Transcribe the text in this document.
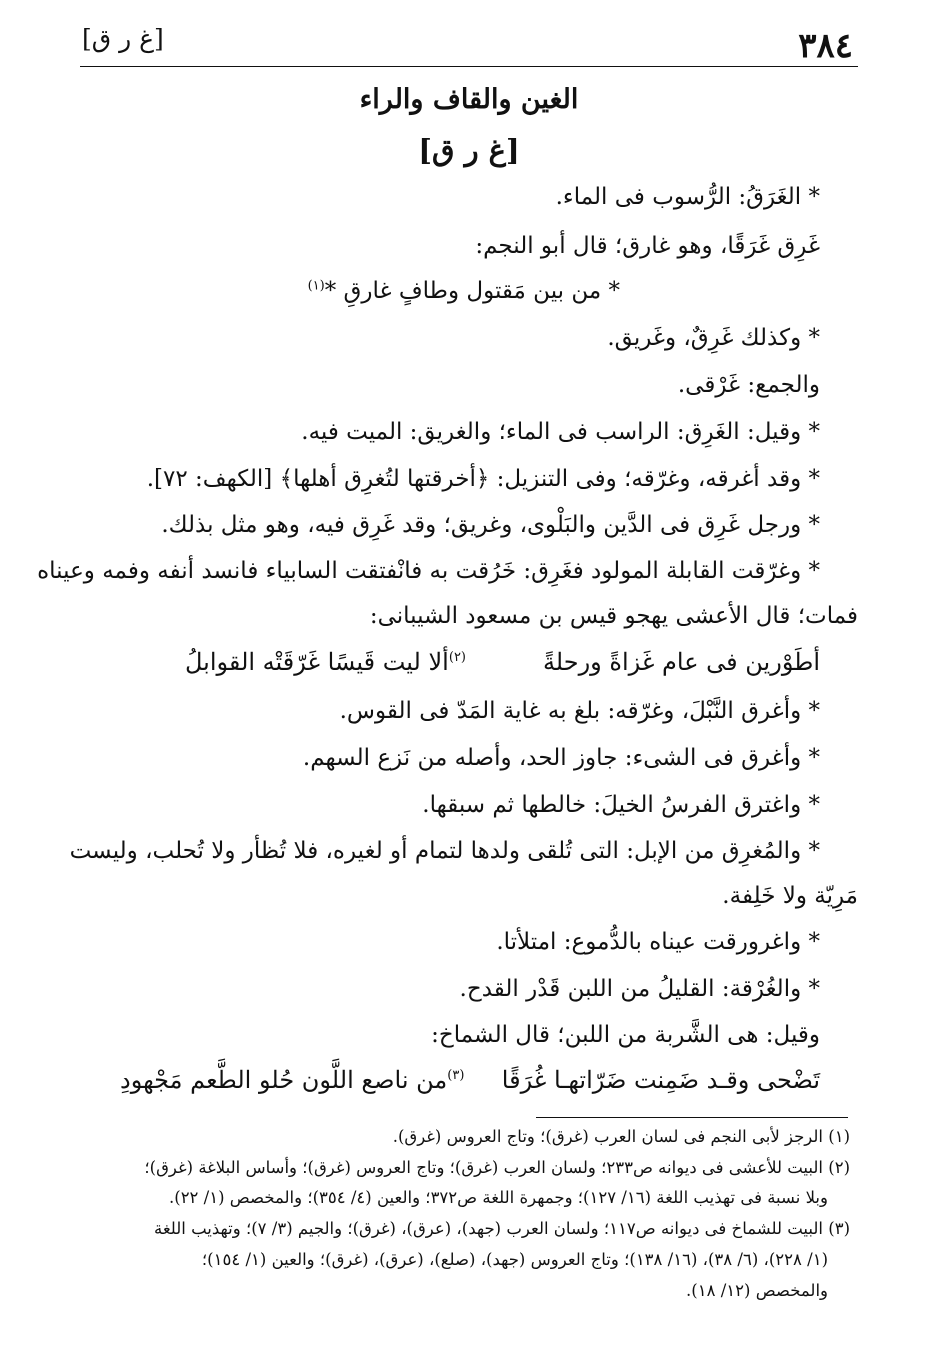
٣٨٤
[غ ر ق]
الغين والقاف والراء
[غ ر ق]
* الغَرَقُ: الرُّسوب فى الماء.
غَرِق غَرَقًا، وهو غارق؛ قال أبو النجم:
* من بين مَقتول وطافٍ غارقِ *$^{(١)}$
* وكذلك غَرِقٌ، وغَريق.
والجمع: غَرْقى.
* وقيل: الغَرِق: الراسب فى الماء؛ والغريق: الميت فيه.
* وقد أغرقه، وغرّقه؛ وفى التنزيل: ﴿أخرقتها لتُغرِق أهلها﴾ [الكهف: ٧٢].
* ورجل غَرِق فى الدَّين والبَلْوى، وغريق؛ وقد غَرِق فيه، وهو مثل بذلك.
* وغرّقت القابلة المولود فغَرِق: خَرُقت به فانْفتقت السابياء فانسد أنفه وفمه وعيناه
فمات؛ قال الأعشى يهجو قيس بن مسعود الشيبانى:
أطَوْرين فى عام غَزاةً ورحلةً
$^{(٢)}$ألا ليت قَيسًا غَرّقَتْه القوابلُ
* وأغرق النَّبْلَ، وغرّقه: بلغ به غاية المَدّ فى القوس.
* وأغرق فى الشىء: جاوز الحد، وأصله من نَزع السهم.
* واغترق الفرسُ الخيلَ: خالطها ثم سبقها.
* والمُغرِق من الإبل: التى تُلقى ولدها لتمام أو لغيره، فلا تُظأر ولا تُحلب، وليست
مَرِيّة ولا خَلِفة.
* واغرورقت عيناه بالدُّموع: امتلأتا.
* والغُرْقة: القليلُ من اللبن قَدْر القدح.
وقيل: هى الشَّربة من اللبن؛ قال الشماخ:
تَضْحى وقـد ضَمِنت ضَرّاتهـا غُرَقًا
$^{(٣)}$من ناصع اللَّون حُلو الطَّعم مَجْهودِ
(١) الرجز لأبى النجم فى لسان العرب (غرق)؛ وتاج العروس (غرق).
(٢) البيت للأعشى فى ديوانه ص٢٣٣؛ ولسان العرب (غرق)؛ وتاج العروس (غرق)؛ وأساس البلاغة (غرق)؛
وبلا نسبة فى تهذيب اللغة (١٦/ ١٢٧)؛ وجمهرة اللغة ص٣٧٢؛ والعين (٤/ ٣٥٤)؛ والمخصص (١/ ٢٢).
(٣) البيت للشماخ فى ديوانه ص١١٧؛ ولسان العرب (جهد)، (عرق)، (غرق)؛ والجيم (٣/ ٧)؛ وتهذيب اللغة
(١/ ٢٢٨)، (٦/ ٣٨)، (١٦/ ١٣٨)؛ وتاج العروس (جهد)، (صلع)، (عرق)، (غرق)؛ والعين (١/ ١٥٤)؛
والمخصص (١٢/ ١٨).
